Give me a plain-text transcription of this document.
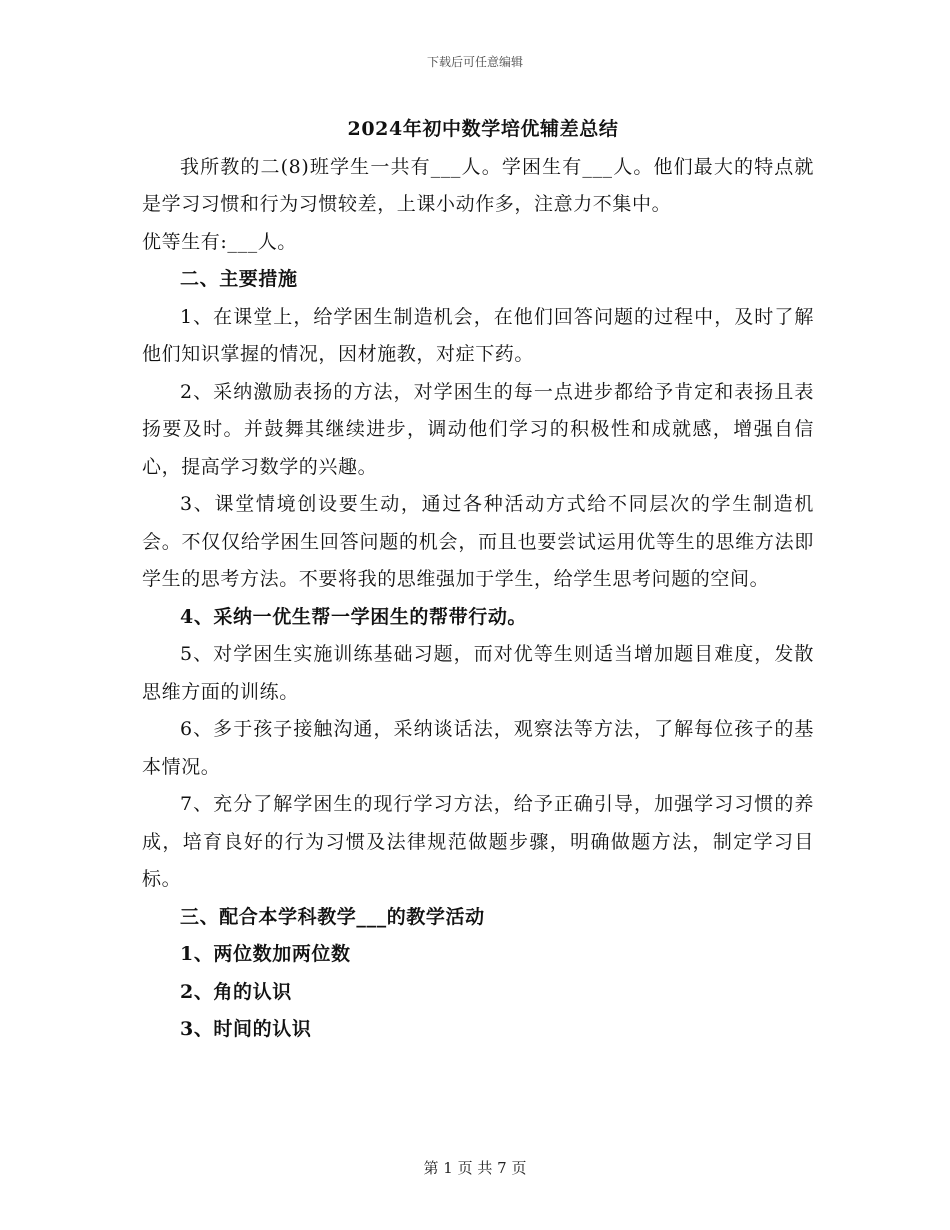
下载后可任意编辑
2024年初中数学培优辅差总结

我所教的二(8)班学生一共有___人。学困生有___人。他们最大的特点就是学习习惯和行为习惯较差，上课小动作多，注意力不集中。

优等生有:___人。

二、主要措施

1、在课堂上，给学困生制造机会，在他们回答问题的过程中，及时了解他们知识掌握的情况，因材施教，对症下药。

2、采纳激励表扬的方法，对学困生的每一点进步都给予肯定和表扬且表扬要及时。并鼓舞其继续进步，调动他们学习的积极性和成就感，增强自信心，提高学习数学的兴趣。

3、课堂情境创设要生动，通过各种活动方式给不同层次的学生制造机会。不仅仅给学困生回答问题的机会，而且也要尝试运用优等生的思维方法即学生的思考方法。不要将我的思维强加于学生，给学生思考问题的空间。

4、采纳一优生帮一学困生的帮带行动。

5、对学困生实施训练基础习题，而对优等生则适当增加题目难度，发散思维方面的训练。

6、多于孩子接触沟通，采纳谈话法，观察法等方法，了解每位孩子的基本情况。

7、充分了解学困生的现行学习方法，给予正确引导，加强学习习惯的养成，培育良好的行为习惯及法律规范做题步骤，明确做题方法，制定学习目标。

三、配合本学科教学___的教学活动

1、两位数加两位数

2、角的认识

3、时间的认识

第 1 页 共 7 页
